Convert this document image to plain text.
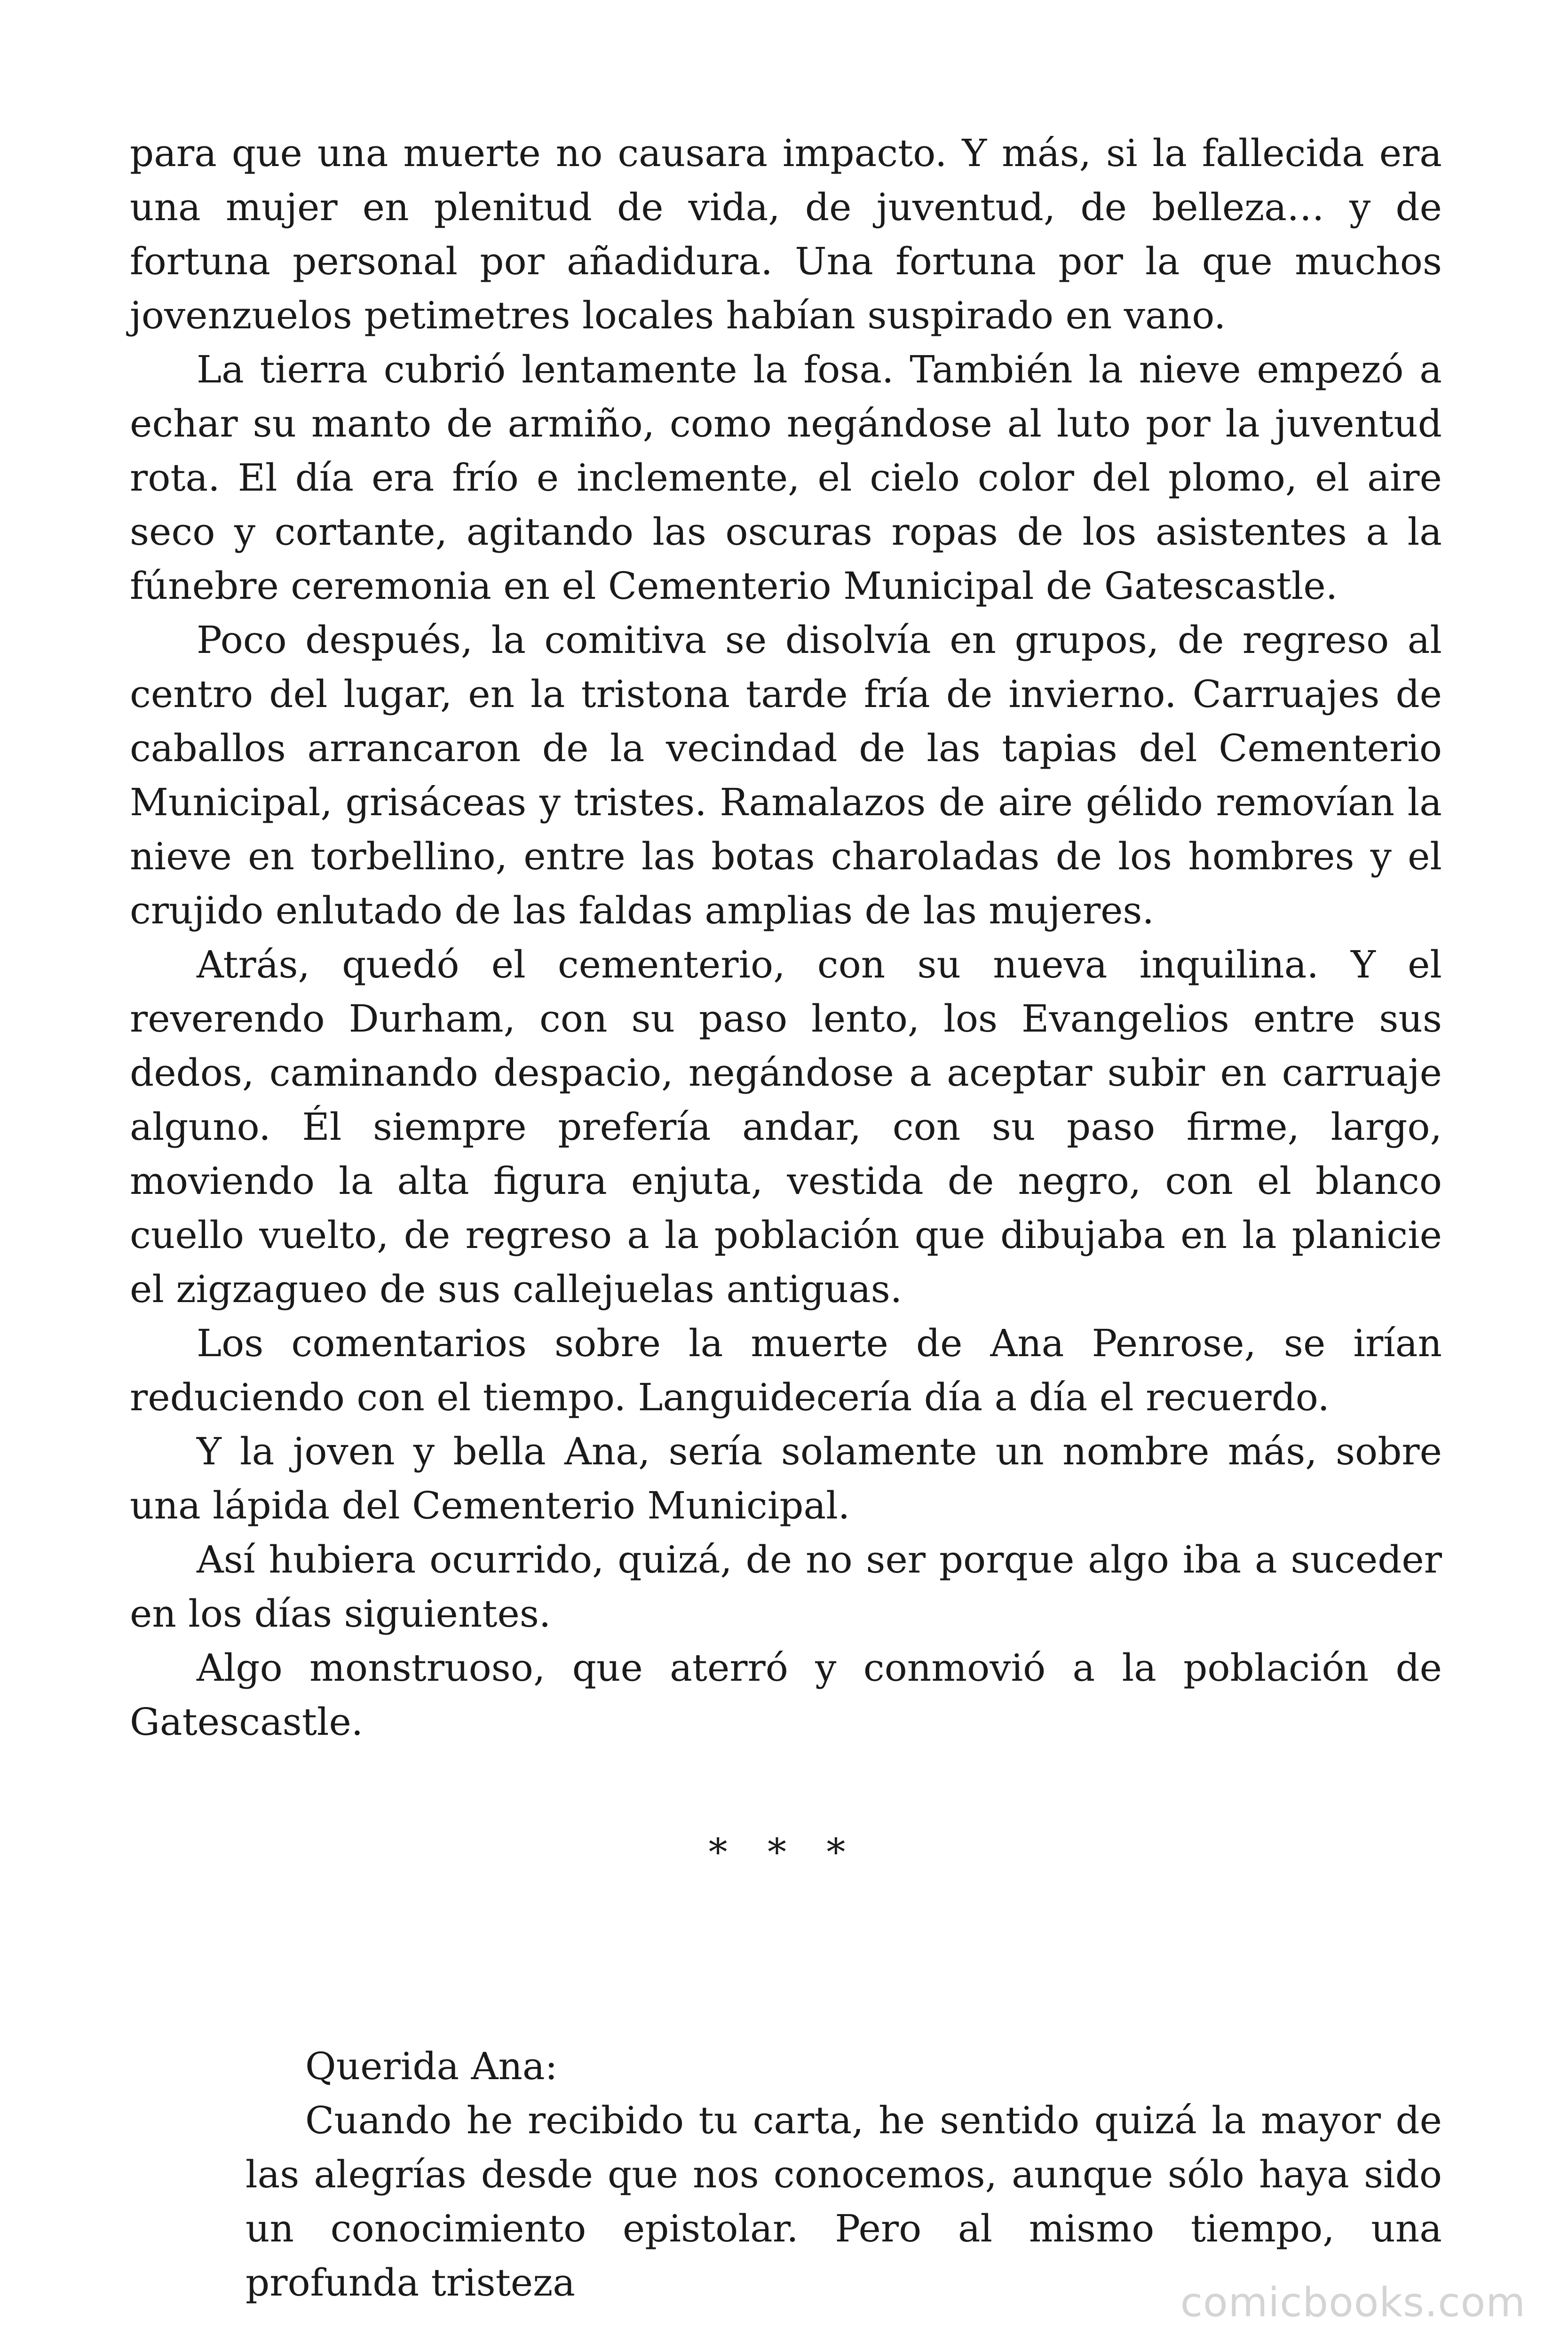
para que una muerte no causara impacto. Y más, si la fallecida era una mujer en plenitud de vida, de juventud, de belleza… y de fortuna personal por añadidura. Una fortuna por la que muchos jovenzuelos petimetres locales habían suspirado en vano.

La tierra cubrió lentamente la fosa. También la nieve empezó a echar su manto de armiño, como negándose al luto por la juventud rota. El día era frío e inclemente, el cielo color del plomo, el aire seco y cortante, agitando las oscuras ropas de los asistentes a la fúnebre ceremonia en el Cementerio Municipal de Gatescastle.

Poco después, la comitiva se disolvía en grupos, de regreso al centro del lugar, en la tristona tarde fría de invierno. Carruajes de caballos arrancaron de la vecindad de las tapias del Cementerio Municipal, grisáceas y tristes. Ramalazos de aire gélido removían la nieve en torbellino, entre las botas charoladas de los hombres y el crujido enlutado de las faldas amplias de las mujeres.

Atrás, quedó el cementerio, con su nueva inquilina. Y el reverendo Durham, con su paso lento, los Evangelios entre sus dedos, caminando despacio, negándose a aceptar subir en carruaje alguno. Él siempre prefería andar, con su paso firme, largo, moviendo la alta figura enjuta, vestida de negro, con el blanco cuello vuelto, de regreso a la población que dibujaba en la planicie el zigzagueo de sus callejuelas antiguas.

Los comentarios sobre la muerte de Ana Penrose, se irían reduciendo con el tiempo. Languidecería día a día el recuerdo.

Y la joven y bella Ana, sería solamente un nombre más, sobre una lápida del Cementerio Municipal.

Así hubiera ocurrido, quizá, de no ser porque algo iba a suceder en los días siguientes.

Algo monstruoso, que aterró y conmovió a la población de Gatescastle.

* * *

Querida Ana:

Cuando he recibido tu carta, he sentido quizá la mayor de las alegrías desde que nos conocemos, aunque sólo haya sido un conocimiento epistolar. Pero al mismo tiempo, una profunda tristeza	comicbooks.com
